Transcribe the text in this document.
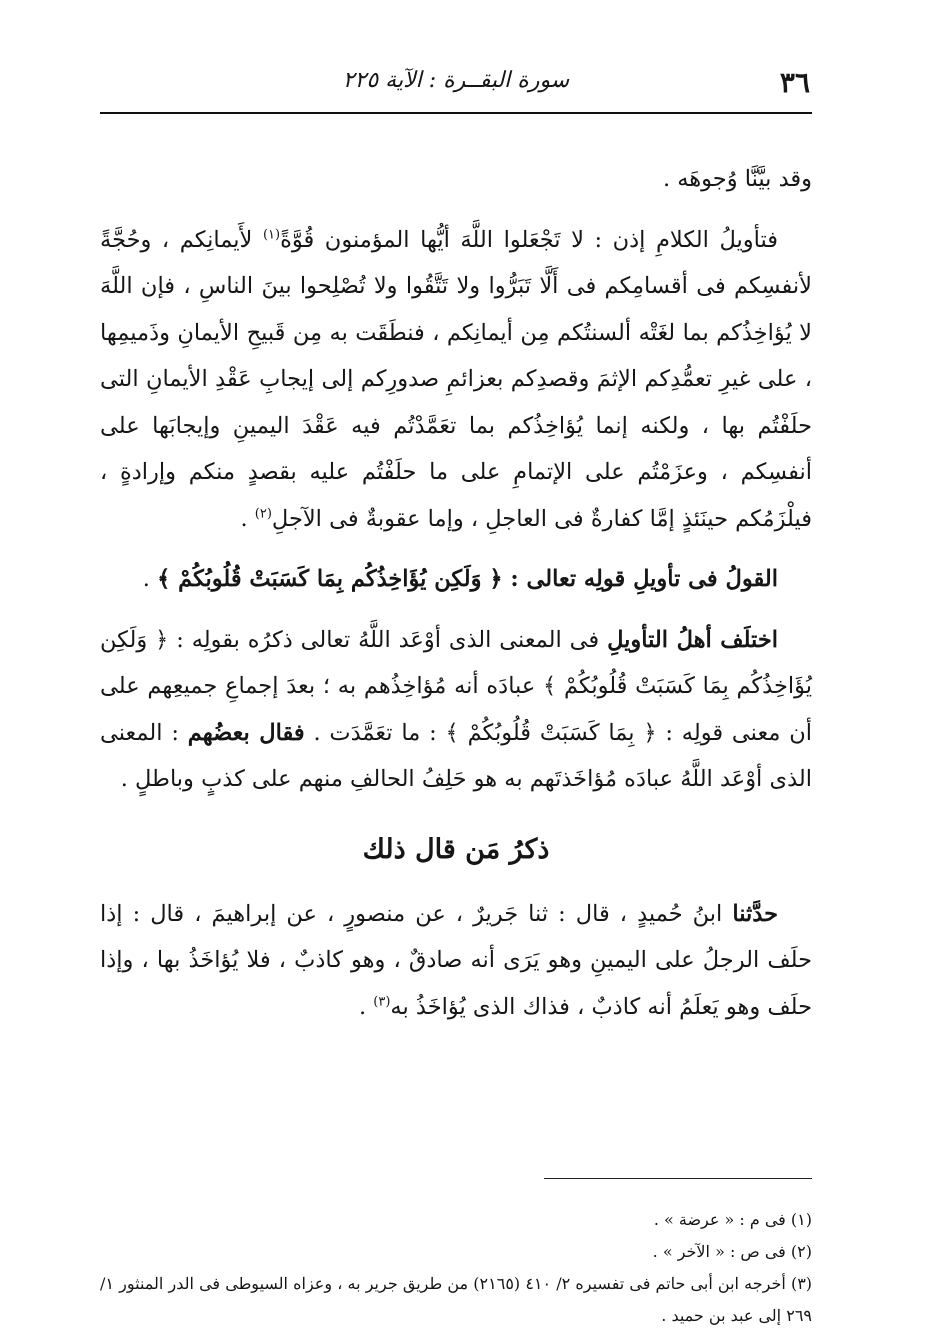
٣٦
سورة البقــرة : الآية ٢٢٥

وقد بيَّنَّا وُجوهَه .

فتأويلُ الكلامِ إذن : لا تَجْعَلوا اللَّهَ أيُّها المؤمنون قُوَّةً$^{(١)}$ لأَيمانِكم ، وحُجَّةً لأنفسِكم فى أقسامِكم فى أَلَّا تَبَرُّوا ولا تَتَّقُوا ولا تُصْلِحوا بينَ الناسِ ، فإن اللَّهَ لا يُؤاخِذُكم بما لغَتْه ألسنتُكم مِن أيمانِكم ، فنطَقَت به مِن قَبيحِ الأيمانِ وذَميمِها ، على غيرِ تعمُّدِكم الإثمَ وقصدِكم بعزائمِ صدورِكم إلى إيجابِ عَقْدِ الأيمانِ التى حلَفْتُم بها ، ولكنه إنما يُؤاخِذُكم بما تعَمَّدْتُم فيه عَقْدَ اليمينِ وإيجابَها على أنفسِكم ، وعزَمْتُم على الإتمامِ على ما حلَفْتُم عليه بقصدٍ منكم وإرادةٍ ، فيلْزَمُكم حينَئذٍ إمَّا كفارةٌ فى العاجلِ ، وإما عقوبةٌ فى الآجلِ$^{(٢)}$ .

القولُ فى تأويلِ قولِه تعالى : ﴿ وَلَكِن يُؤَاخِذُكُم بِمَا كَسَبَتْ قُلُوبُكُمْ ﴾ .

اختلَف أهلُ التأويلِ فى المعنى الذى أوْعَد اللَّهُ تعالى ذكرُه بقولِه : ﴿ وَلَكِن يُؤَاخِذُكُم بِمَا كَسَبَتْ قُلُوبُكُمْ ﴾ عبادَه أنه مُؤاخِذُهم به ؛ بعدَ إجماعِ جميعِهم على أن معنى قولِه : ﴿ بِمَا كَسَبَتْ قُلُوبُكُمْ ﴾ : ما تعَمَّدَت . فقال بعضُهم : المعنى الذى أوْعَد اللَّهُ عبادَه مُؤاخَذتَهم به هو حَلِفُ الحالفِ منهم على كذبٍ وباطلٍ .

ذكرُ مَن قال ذلك

حدَّثنا ابنُ حُميدٍ ، قال : ثنا جَريرٌ ، عن منصورٍ ، عن إبراهيمَ ، قال : إذا حلَف الرجلُ على اليمينِ وهو يَرَى أنه صادقٌ ، وهو كاذبٌ ، فلا يُؤاخَذُ بها ، وإذا حلَف وهو يَعلَمُ أنه كاذبٌ ، فذاك الذى يُؤاخَذُ به$^{(٣)}$ .

(١) فى م : « عرضة » .

(٢) فى ص : « الآخر » .

(٣) أخرجه ابن أبى حاتم فى تفسيره ٢/ ٤١٠ (٢١٦٥) من طريق جرير به ، وعزاه السيوطى فى الدر المنثور ١/ ٢٦٩ إلى عبد بن حميد .
